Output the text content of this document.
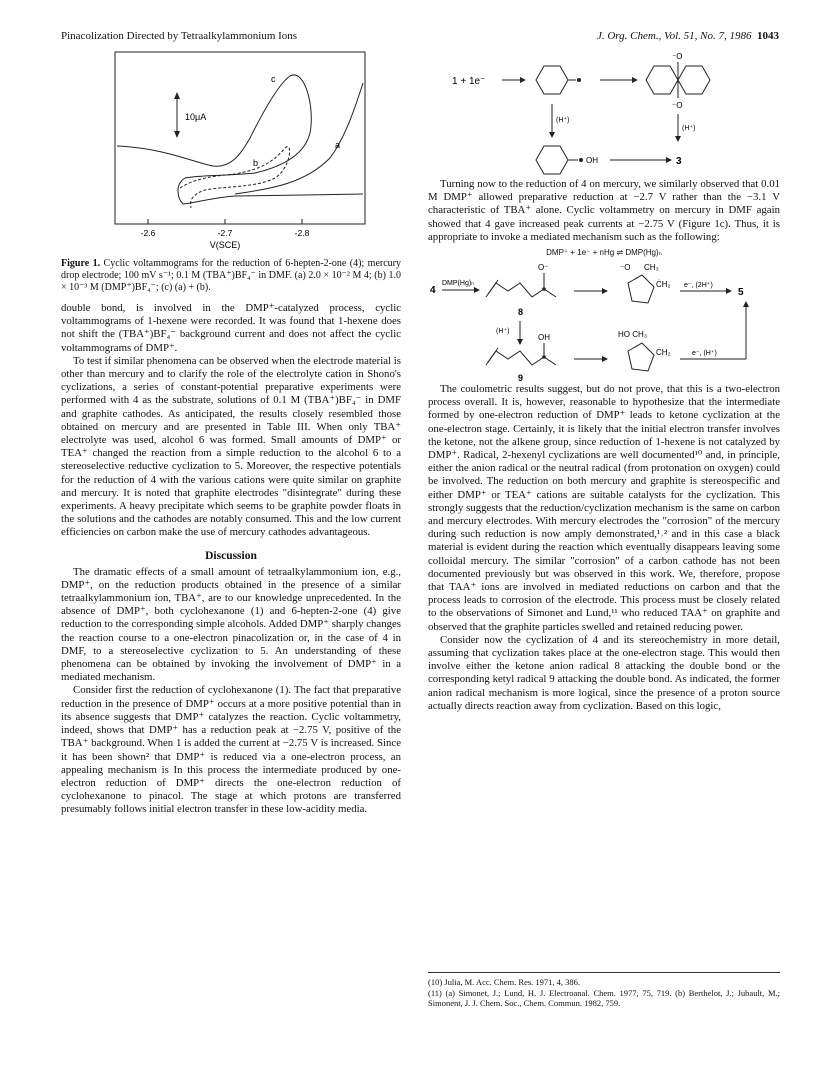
Pinacolization Directed by Tetraalkylammonium Ions	J. Org. Chem., Vol. 51, No. 7, 1986 1043
10μA
a
b
c
-2.6	-2.7	-2.8
V(SCE)
Figure 1. Cyclic voltammograms for the reduction of 6-hepten-2-one (4); mercury drop electrode; 100 mV s⁻¹; 0.1 M (TBA⁺)BF₄⁻ in DMF. (a) 2.0 × 10⁻² M 4; (b) 1.0 × 10⁻³ M (DMP⁺)BF₄⁻; (c) (a) + (b).

double bond, is involved in the DMP⁺-catalyzed process, cyclic voltammograms of 1-hexene were recorded. It was found that 1-hexene does not shift the (TBA⁺)BF₄⁻ background current and does not affect the cyclic voltammograms of DMP⁺.

To test if similar phenomena can be observed when the electrode material is other than mercury and to clarify the role of the electrolyte cation in Shono's cyclizations, a series of constant-potential preparative experiments were performed with 4 as the substrate, solutions of 0.1 M (TBA⁺)BF₄⁻ in DMF and graphite cathodes. As anticipated, the results closely resembled those obtained on mercury and are presented in Table III. When only TBA⁺ electrolyte was used, alcohol 6 was formed. Small amounts of DMP⁺ or TEA⁺ changed the reaction from a simple reduction to the alcohol 6 to a stereoselective reductive cyclization to 5. Moreover, the respective potentials for the reduction of 4 with the various cations were quite similar on graphite and mercury. It is noted that graphite electrodes "disintegrate" during these experiments. A heavy precipitate which seems to be graphite powder floats in the solutions and the cathodes are notably consumed. This and the low current efficiencies on carbon make the use of mercury cathodes advantageous.

Discussion

The dramatic effects of a small amount of tetraalkylammonium ion, e.g., DMP⁺, on the reduction products obtained in the presence of a similar tetraalkylammonium ion, TBA⁺, are to our knowledge unprecedented. In the absence of DMP⁺, both cyclohexanone (1) and 6-hepten-2-one (4) give reduction to the corresponding simple alcohols. Added DMP⁺ sharply changes the reaction course to a one-electron pinacolization or, in the case of 4 in DMF, to a stereoselective cyclization to 5. An understanding of these phenomena can be obtained by invoking the involvement of DMP⁺ in a mediated mechanism.

Consider first the reduction of cyclohexanone (1). The fact that preparative reduction in the presence of DMP⁺ occurs at a more positive potential than in its absence suggests that DMP⁺ catalyzes the reaction. Cyclic voltammetry, indeed, shows that DMP⁺ has a reduction peak at −2.75 V, positive of the TBA⁺ background. When 1 is added the current at −2.75 V is increased. Since it has been shown² that DMP⁺ is reduced via a one-electron process, an appealing mechanism is In this process the intermediate produced by one-electron reduction of DMP⁺ directs the one-electron reduction of cyclohexanone to pinacol. The stage at which protons are transferred presumably follows initial electron transfer in these low-acidity media.

1 + 1e⁻
⁻O
⁻O
(H⁺)
(H⁺)
OH	3

Turning now to the reduction of 4 on mercury, we similarly observed that 0.01 M DMP⁺ allowed preparative reduction at −2.7 V rather than the −3.1 V characteristic of TBA⁺ alone. Cyclic voltammetry on mercury in DMF again showed that 4 gave increased peak currents at −2.75 V (Figure 1c). Thus, it is appropriate to invoke a mediated mechanism such as the following:

DMP⁺ + 1e⁻ + nHg ⇌ DMP(Hg)ₙ
4
DMP(Hg)ₙ
O⁻	⁻O CH₃
ĊH₂ e⁻, (2H⁺)
5
8
(H⁺)
OH	HO CH₃
ĊH₂	e⁻, (H⁺)
9

The coulometric results suggest, but do not prove, that this is a two-electron process overall. It is, however, reasonable to hypothesize that the intermediate formed by one-electron reduction of DMP⁺ leads to ketone cyclization at the one-electron stage. Certainly, it is likely that the initial electron transfer involves the ketone, not the alkene group, since reduction of 1-hexene is not catalyzed by DMP⁺. Radical, 2-hexenyl cyclizations are well documented¹⁰ and, in principle, either the anion radical or the neutral radical (from protonation on oxygen) could be involved. The reduction on both mercury and graphite is stereospecific and either DMP⁺ or TEA⁺ cations are suitable catalysts for the cyclization. This strongly suggests that the reduction/cyclization mechanism is the same on carbon and mercury electrodes. With mercury electrodes the "corrosion" of the mercury during such reduction is now amply demonstrated,¹˒² and in this case a black material is evident during the reaction which eventually disappears leaving some colloidal mercury. The similar "corrosion" of a carbon cathode has not been documented previously but was observed in this work. We, therefore, propose that TAA⁺ ions are involved in mediated reductions on carbon and that the process leads to corrosion of the electrode. This process must be closely related to the observations of Simonet and Lund,¹¹ who reduced TAA⁺ on graphite and observed that the graphite particles swelled and retained reducing power.

Consider now the cyclization of 4 and its stereochemistry in more detail, assuming that cyclization takes place at the one-electron stage. This would then involve either the ketone anion radical 8 attacking the double bond or the corresponding ketyl radical 9 attacking the double bond. As indicated, the former anion radical mechanism is more logical, since the presence of a proton source actually directs reaction away from cyclization. Based on this logic,

(10) Julia, M. Acc. Chem. Res. 1971, 4, 386.
(11) (a) Simonet, J.; Lund, H. J. Electroanal. Chem. 1977, 75, 719. (b) Berthelot, J.; Jubault, M.; Simonent, J. J. Chem. Soc., Chem. Commun. 1982, 759.
